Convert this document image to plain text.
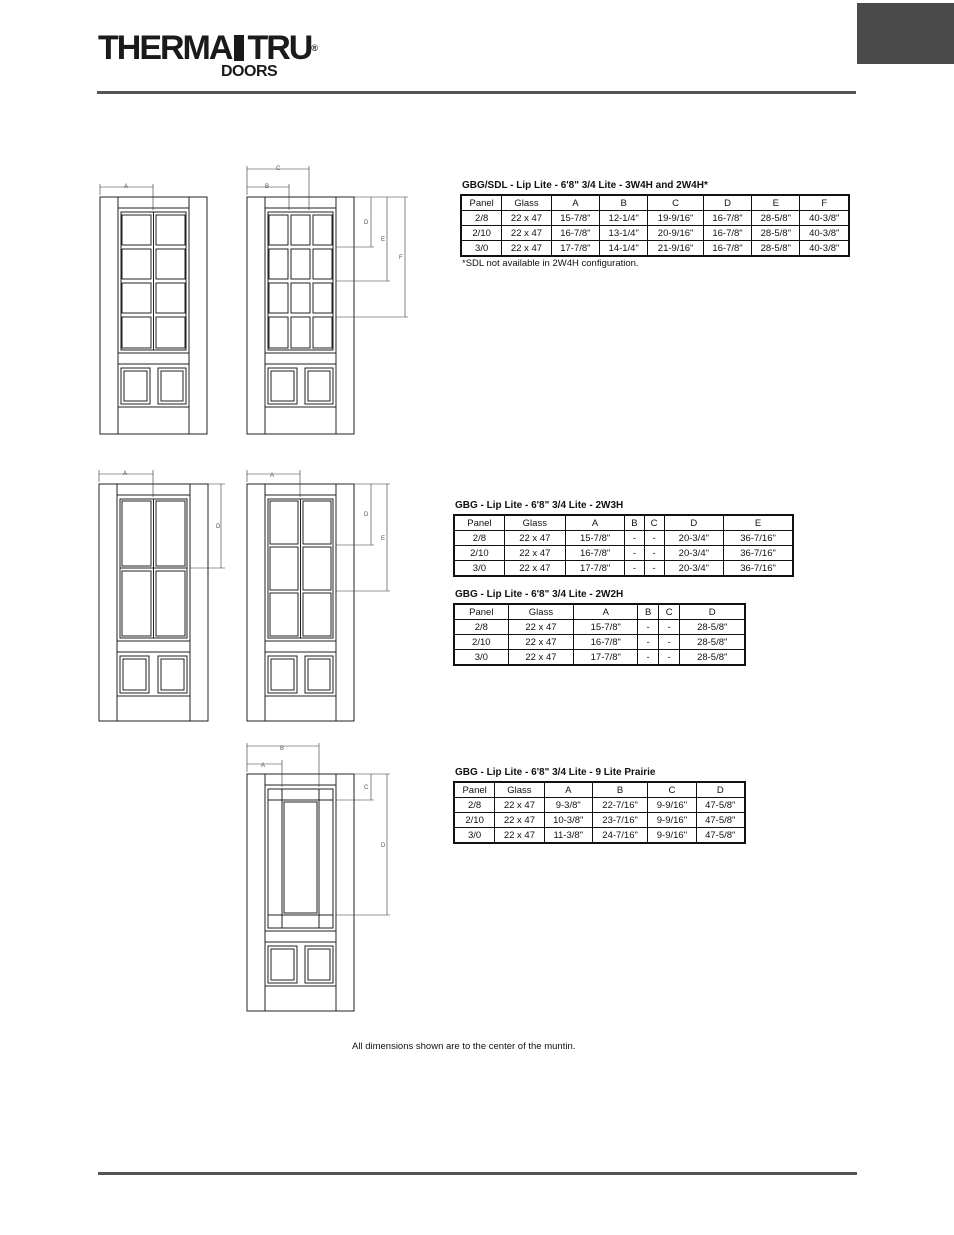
THERMA TRU®
DOORS
A
C
B
D
E
F
A
D
A
D
E
B
A
C
D
GBG/SDL - Lip Lite - 6'8" 3/4 Lite - 3W4H and 2W4H*
Panel	Glass	A	B	C	D	E	F
2/8	22 x 47	15-7/8"	12-1/4"	19-9/16"	16-7/8"	28-5/8"	40-3/8"
2/10	22 x 47	16-7/8"	13-1/4"	20-9/16"	16-7/8"	28-5/8"	40-3/8"
3/0	22 x 47	17-7/8"	14-1/4"	21-9/16"	16-7/8"	28-5/8"	40-3/8"
*SDL not available in 2W4H configuration.
GBG - Lip Lite - 6'8" 3/4 Lite - 2W3H
Panel	Glass	A	B	C	D	E
2/8	22 x 47	15-7/8"	-	-	20-3/4"	36-7/16"
2/10	22 x 47	16-7/8"	-	-	20-3/4"	36-7/16"
3/0	22 x 47	17-7/8"	-	-	20-3/4"	36-7/16"
GBG - Lip Lite - 6'8" 3/4 Lite - 2W2H
Panel	Glass	A	B	C	D
2/8	22 x 47	15-7/8"	-	-	28-5/8"
2/10	22 x 47	16-7/8"	-	-	28-5/8"
3/0	22 x 47	17-7/8"	-	-	28-5/8"
GBG - Lip Lite - 6'8" 3/4 Lite - 9 Lite Prairie
Panel	Glass	A	B	C	D
2/8	22 x 47	9-3/8"	22-7/16"	9-9/16"	47-5/8"
2/10	22 x 47	10-3/8"	23-7/16"	9-9/16"	47-5/8"
3/0	22 x 47	11-3/8"	24-7/16"	9-9/16"	47-5/8"
All dimensions shown are to the center of the muntin.
